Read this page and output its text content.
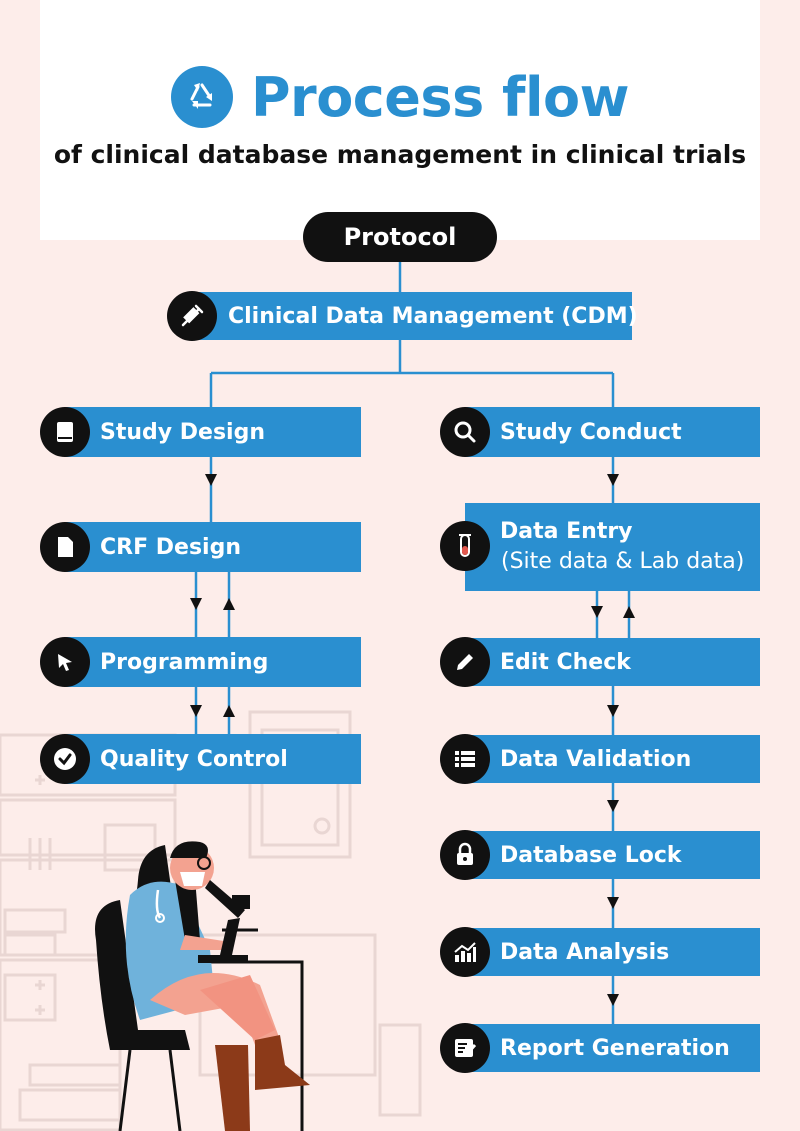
Process flow
of clinical database management in clinical trials
Protocol
Clinical Data Management (CDM)
Study Design
CRF Design
Programming
Quality Control
Study Conduct
Data Entry
(Site data & Lab data)
Edit Check
Data Validation
Database Lock
Data Analysis
Report Generation
